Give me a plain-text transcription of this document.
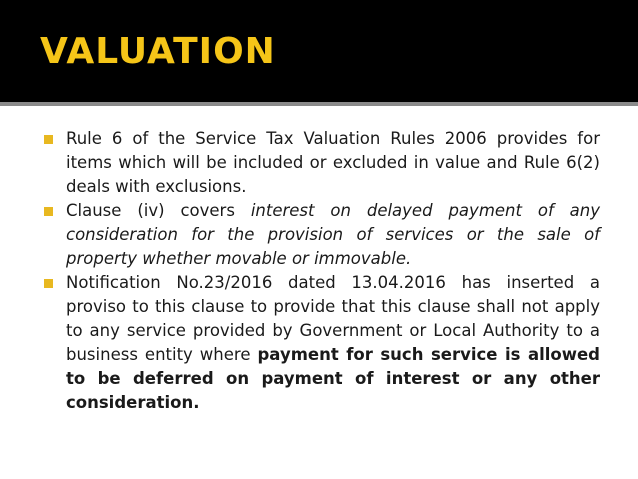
VALUATION
Rule 6 of the Service Tax Valuation Rules 2006 provides for items which will be included or excluded in value and Rule 6(2) deals with exclusions.
Clause (iv) covers interest on delayed payment of any consideration for the provision of services or the sale of property whether movable or immovable.
Notification No.23/2016 dated 13.04.2016 has inserted a proviso to this clause to provide that this clause shall not apply to any service provided by Government or Local Authority to a business entity where payment for such service is allowed to be deferred on payment of interest or any other consideration.
